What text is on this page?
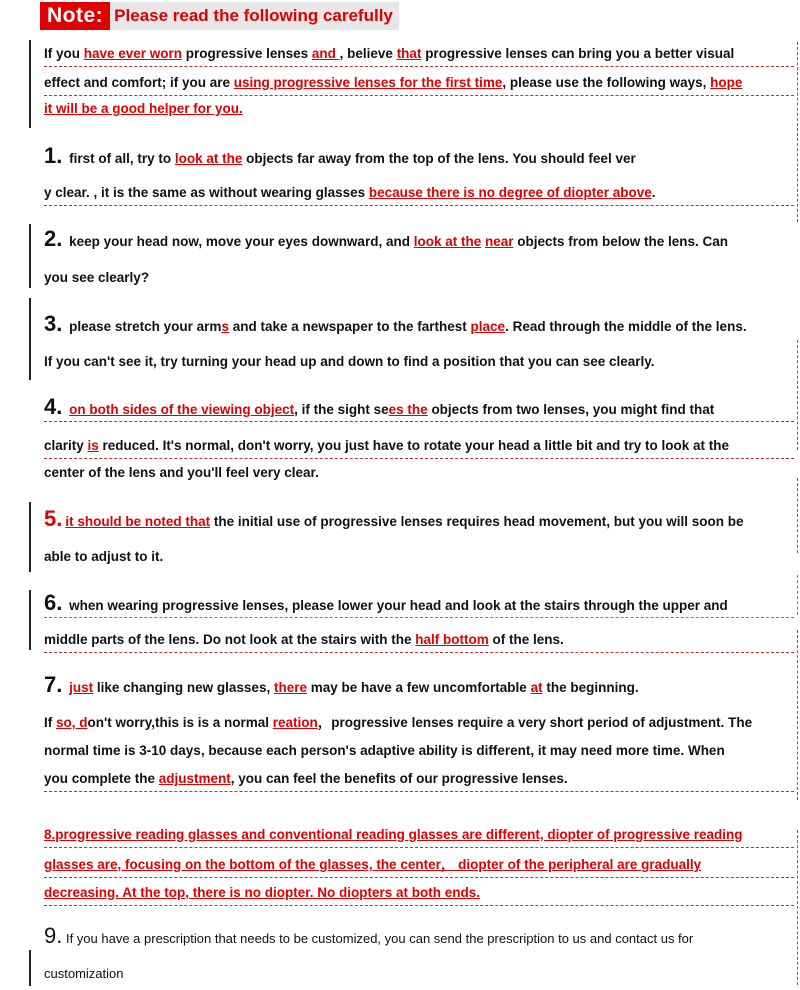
Note: Please read the following carefully
If you have ever worn progressive lenses and , believe that progressive lenses can bring you a better visual
effect and comfort; if you are using progressive lenses for the first time, please use the following ways, hope
it will be a good helper for you.
1. first of all, try to look at the objects far away from the top of the lens. You should feel ver
y clear. , it is the same as without wearing glasses because there is no degree of diopter above.
2. keep your head now, move your eyes downward, and look at the near objects from below the lens. Can
you see clearly?
3. please stretch your arms and take a newspaper to the farthest place. Read through the middle of the lens.
If you can't see it, try turning your head up and down to find a position that you can see clearly.
4. on both sides of the viewing object, if the sight sees the objects from two lenses, you might find that
clarity is reduced. It's normal, don't worry, you just have to rotate your head a little bit and try to look at the
center of the lens and you'll feel very clear.
5. it should be noted that the initial use of progressive lenses requires head movement, but you will soon be
able to adjust to it.
6. when wearing progressive lenses, please lower your head and look at the stairs through the upper and
middle parts of the lens. Do not look at the stairs with the half bottom of the lens.
7. just like changing new glasses, there may be have a few uncomfortable at the beginning.
If so, don't worry,this is is a normal reation，progressive lenses require a very short period of adjustment. The
normal time is 3-10 days, because each person's adaptive ability is different, it may need more time. When
you complete the adjustment, you can feel the benefits of our progressive lenses.
8.progressive reading glasses and conventional reading glasses are different, diopter of progressive reading
glasses are, focusing on the bottom of the glasses, the center， diopter of the peripheral are gradually
decreasing. At the top, there is no diopter. No diopters at both ends.
9. If you have a prescription that needs to be customized, you can send the prescription to us and contact us for
customization
